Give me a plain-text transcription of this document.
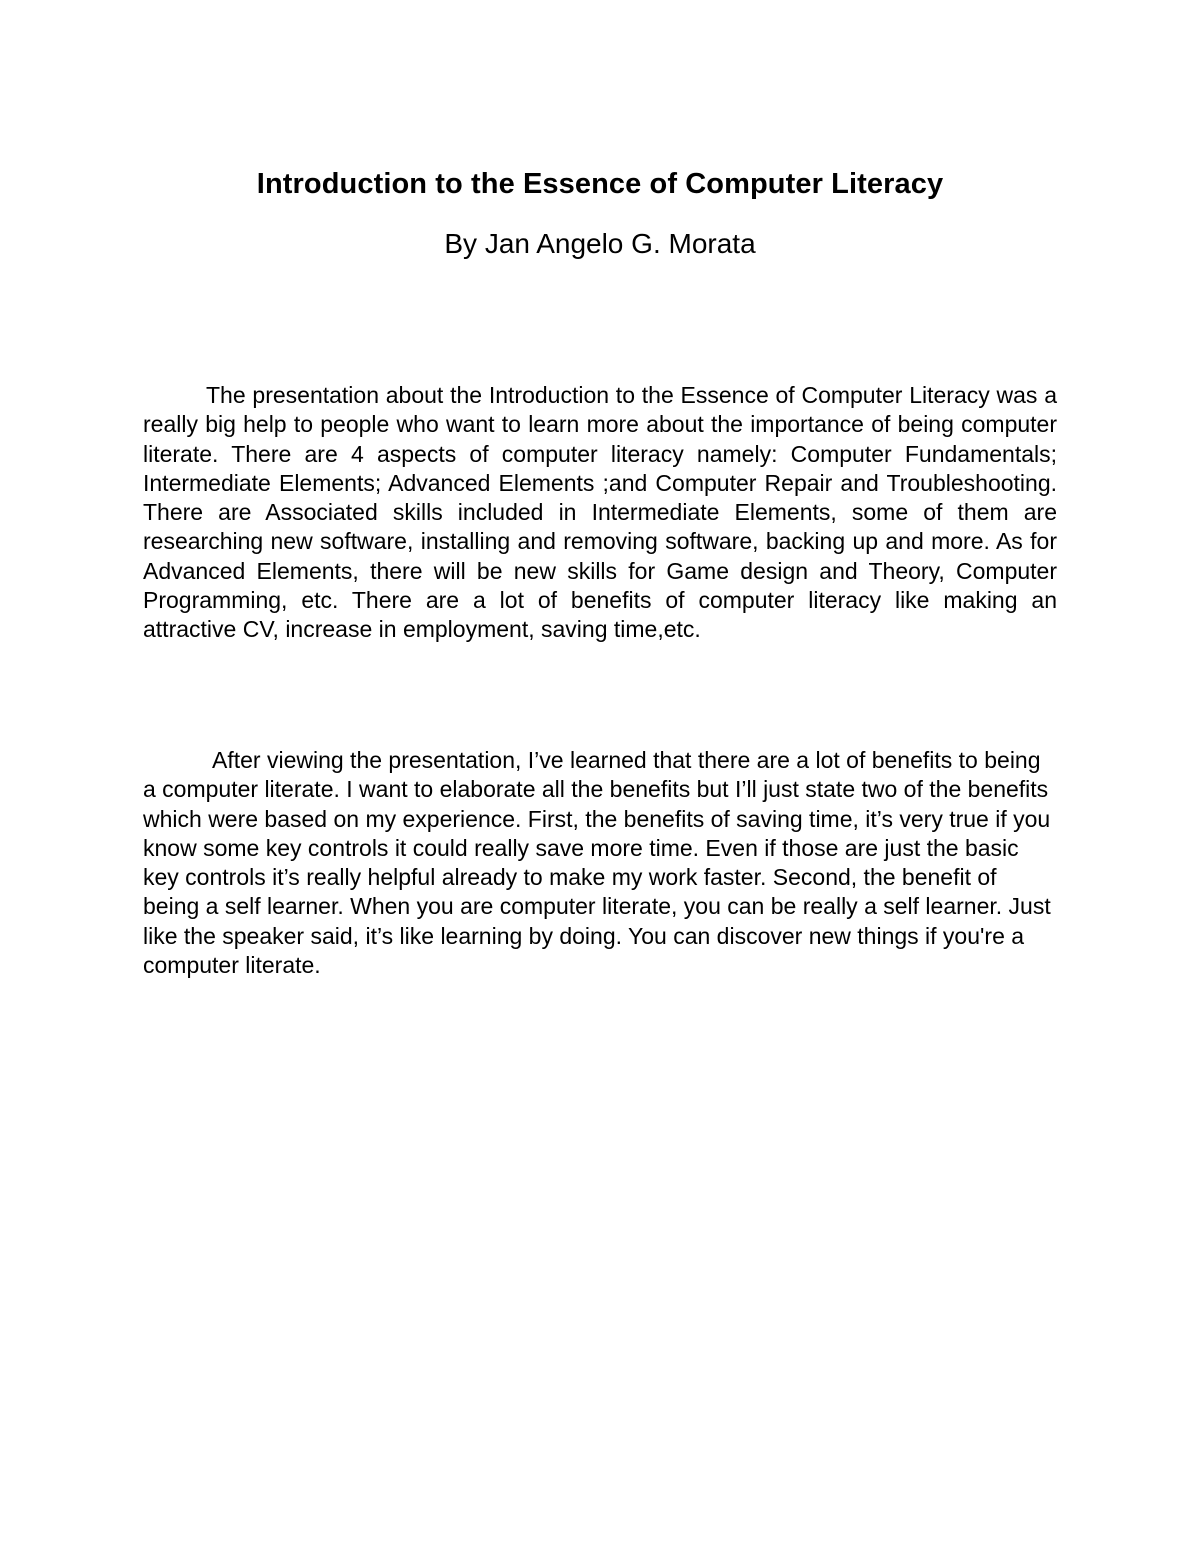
Introduction to the Essence of Computer Literacy

By Jan Angelo G. Morata

The presentation about the Introduction to the Essence of Computer Literacy was a really big help to people who want to learn more about the importance of being computer literate. There are 4 aspects of computer literacy namely: Computer Fundamentals; Intermediate Elements; Advanced Elements ;and Computer Repair and Troubleshooting. There are Associated skills included in Intermediate Elements, some of them are researching new software, installing and removing software, backing up and more. As for Advanced Elements, there will be new skills for Game design and Theory, Computer Programming, etc. There are a lot of benefits of computer literacy like making an attractive CV, increase in employment, saving time,etc.

After viewing the presentation, I’ve learned that there are a lot of benefits to being a computer literate. I want to elaborate all the benefits but I’ll just state two of the benefits which were based on my experience. First, the benefits of saving time, it’s very true if you know some key controls it could really save more time. Even if those are just the basic key controls it’s really helpful already to make my work faster. Second, the benefit of being a self learner. When you are computer literate, you can be really a self learner. Just like the speaker said, it’s like learning by doing. You can discover new things if you're a computer literate.
